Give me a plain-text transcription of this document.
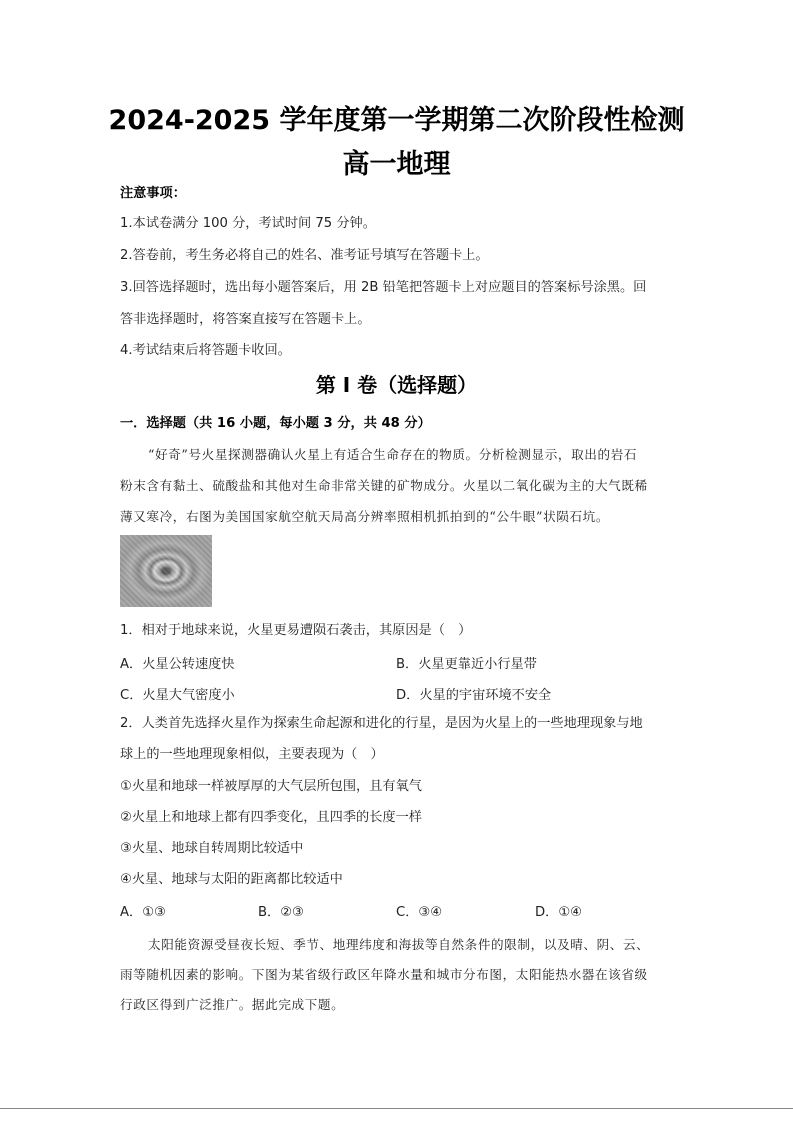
2024-2025 学年度第一学期第二次阶段性检测
高一地理
注意事项：
1.本试卷满分 100 分，考试时间 75 分钟。
2.答卷前，考生务必将自己的姓名、准考证号填写在答题卡上。
3.回答选择题时，选出每小题答案后，用 2B 铅笔把答题卡上对应题目的答案标号涂黑。回
答非选择题时，将答案直接写在答题卡上。
4.考试结束后将答题卡收回。
第 Ⅰ 卷（选择题）
一．选择题（共 16 小题，每小题 3 分，共 48 分）
“好奇”号火星探测器确认火星上有适合生命存在的物质。分析检测显示，取出的岩石
粉末含有黏土、硫酸盐和其他对生命非常关键的矿物成分。火星以二氧化碳为主的大气既稀
薄又寒冷，右图为美国国家航空航天局高分辨率照相机抓拍到的“公牛眼”状陨石坑。
1．相对于地球来说，火星更易遭陨石袭击，其原因是（　）
A．火星公转速度快	B．火星更靠近小行星带
C．火星大气密度小	D．火星的宇宙环境不安全
2．人类首先选择火星作为探索生命起源和进化的行星，是因为火星上的一些地理现象与地
球上的一些地理现象相似，主要表现为（　）
①火星和地球一样被厚厚的大气层所包围，且有氧气
②火星上和地球上都有四季变化，且四季的长度一样
③火星、地球自转周期比较适中
④火星、地球与太阳的距离都比较适中
A．①③	B．②③	C．③④	D．①④
太阳能资源受昼夜长短、季节、地理纬度和海拔等自然条件的限制，以及晴、阴、云、
雨等随机因素的影响。下图为某省级行政区年降水量和城市分布图，太阳能热水器在该省级
行政区得到广泛推广。据此完成下题。
